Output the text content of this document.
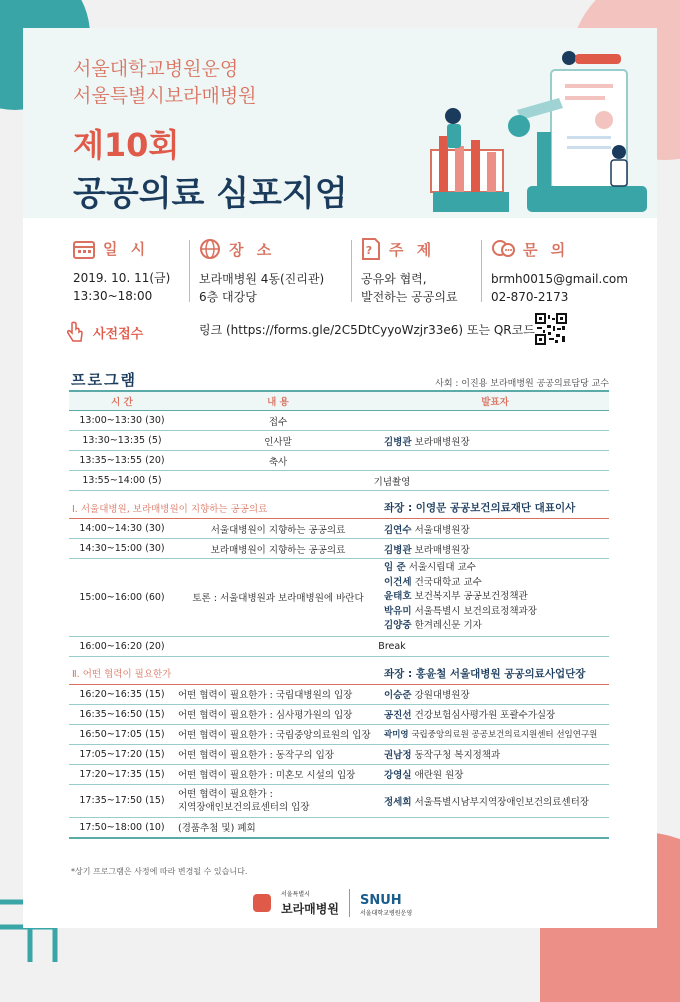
서울대학교병원운영
서울특별시보라매병원
제10회
공공의료 심포지엄
일 시
2019. 10. 11(금)
13:30~18:00
장 소
보라매병원 4동(진리관)
6층 대강당
? 주 제
공유와 협력,
발전하는 공공의료
문 의
brmh0015@gmail.com
02-870-2173
사전접수	링크 (https://forms.gle/2C5DtCyyoWzjr33e6) 또는 QR코드
프로그램	사회 : 이진용 보라매병원 공공의료담당 교수
시 간	내 용	발표자
13:00~13:30 (30)	접수	
13:30~13:35 (5)	인사말	김병관 보라매병원장
13:35~13:55 (20)	축사	
13:55~14:00 (5)	기념촬영	

Ⅰ. 서울대병원, 보라매병원이 지향하는 공공의료		좌장 : 이영문 공공보건의료재단 대표이사
14:00~14:30 (30)	서울대병원이 지향하는 공공의료	김연수 서울대병원장
14:30~15:00 (30)	보라매병원이 지향하는 공공의료	김병관 보라매병원장
15:00~16:00 (60)	토론 : 서울대병원과 보라매병원에 바란다	임 준 서울시립대 교수
이건세 건국대학교 교수
윤태호 보건복지부 공공보건정책관
박유미 서울특별시 보건의료정책과장
김양중 한겨레신문 기자

16:00~16:20 (20)	Break	

Ⅱ. 어떤 협력이 필요한가		좌장 : 홍윤철 서울대병원 공공의료사업단장
16:20~16:35 (15)	어떤 협력이 필요한가 : 국립대병원의 입장	이승준 강원대병원장
16:35~16:50 (15)	어떤 협력이 필요한가 : 심사평가원의 입장	공진선 건강보험심사평가원 포괄수가실장
16:50~17:05 (15)	어떤 협력이 필요한가 : 국립중앙의료원의 입장	곽미영 국립중앙의료원 공공보건의료지원센터 선임연구원
17:05~17:20 (15)	어떤 협력이 필요한가 : 동작구의 입장	권남정 동작구청 복지정책과
17:20~17:35 (15)	어떤 협력이 필요한가 : 미혼모 시설의 입장	강영실 애란원 원장
17:35~17:50 (15)	어떤 협력이 필요한가 :
지역장애인보건의료센터의 입장	정세희 서울특별시남부지역장애인보건의료센터장
17:50~18:00 (10)	(경품추첨 및) 폐회	
*상기 프로그램은 사정에 따라 변경될 수 있습니다.
서울특별시
보라매병원
SNUH
서울대학교병원운영
